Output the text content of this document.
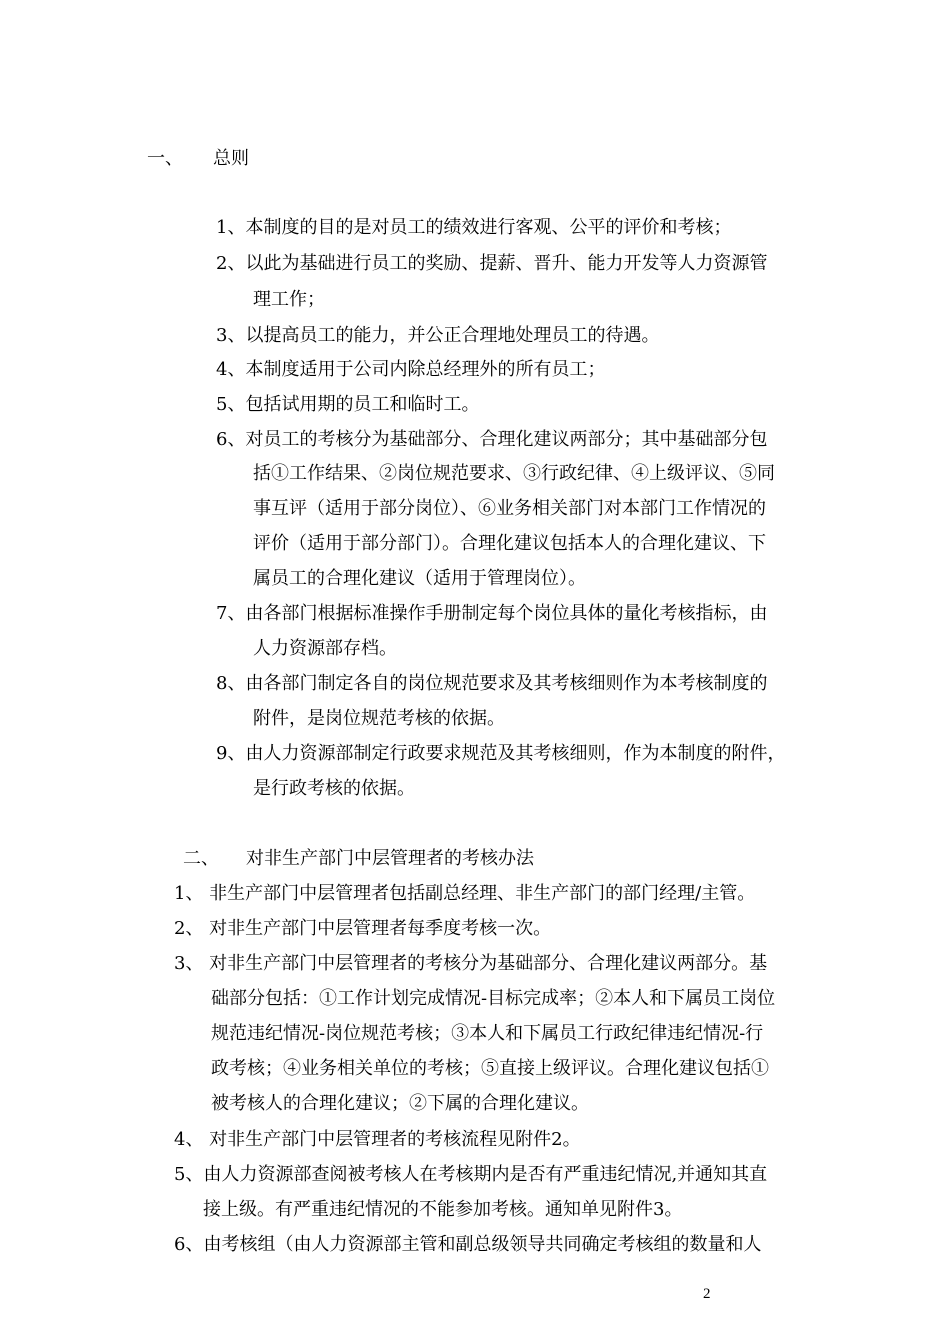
一、 总则

1、本制度的目的是对员工的绩效进行客观、公平的评价和考核；

2、以此为基础进行员工的奖励、提薪、晋升、能力开发等人力资源管

理工作；

3、以提高员工的能力，并公正合理地处理员工的待遇。

4、本制度适用于公司内除总经理外的所有员工；

5、包括试用期的员工和临时工。

6、对员工的考核分为基础部分、合理化建议两部分；其中基础部分包

括①工作结果、②岗位规范要求、③行政纪律、④上级评议、⑤同

事互评（适用于部分岗位）、⑥业务相关部门对本部门工作情况的

评价（适用于部分部门）。合理化建议包括本人的合理化建议、下

属员工的合理化建议（适用于管理岗位）。

7、由各部门根据标准操作手册制定每个岗位具体的量化考核指标，由

人力资源部存档。

8、由各部门制定各自的岗位规范要求及其考核细则作为本考核制度的

附件，是岗位规范考核的依据。

9、由人力资源部制定行政要求规范及其考核细则，作为本制度的附件，

是行政考核的依据。

二、 对非生产部门中层管理者的考核办法

1、 非生产部门中层管理者包括副总经理、非生产部门的部门经理/主管。

2、 对非生产部门中层管理者每季度考核一次。

3、 对非生产部门中层管理者的考核分为基础部分、合理化建议两部分。基

础部分包括：①工作计划完成情况-目标完成率；②本人和下属员工岗位

规范违纪情况-岗位规范考核；③本人和下属员工行政纪律违纪情况-行

政考核；④业务相关单位的考核；⑤直接上级评议。合理化建议包括①

被考核人的合理化建议；②下属的合理化建议。

4、 对非生产部门中层管理者的考核流程见附件2。

5、由人力资源部查阅被考核人在考核期内是否有严重违纪情况,并通知其直

接上级。有严重违纪情况的不能参加考核。通知单见附件3。

6、由考核组（由人力资源部主管和副总级领导共同确定考核组的数量和人

2
